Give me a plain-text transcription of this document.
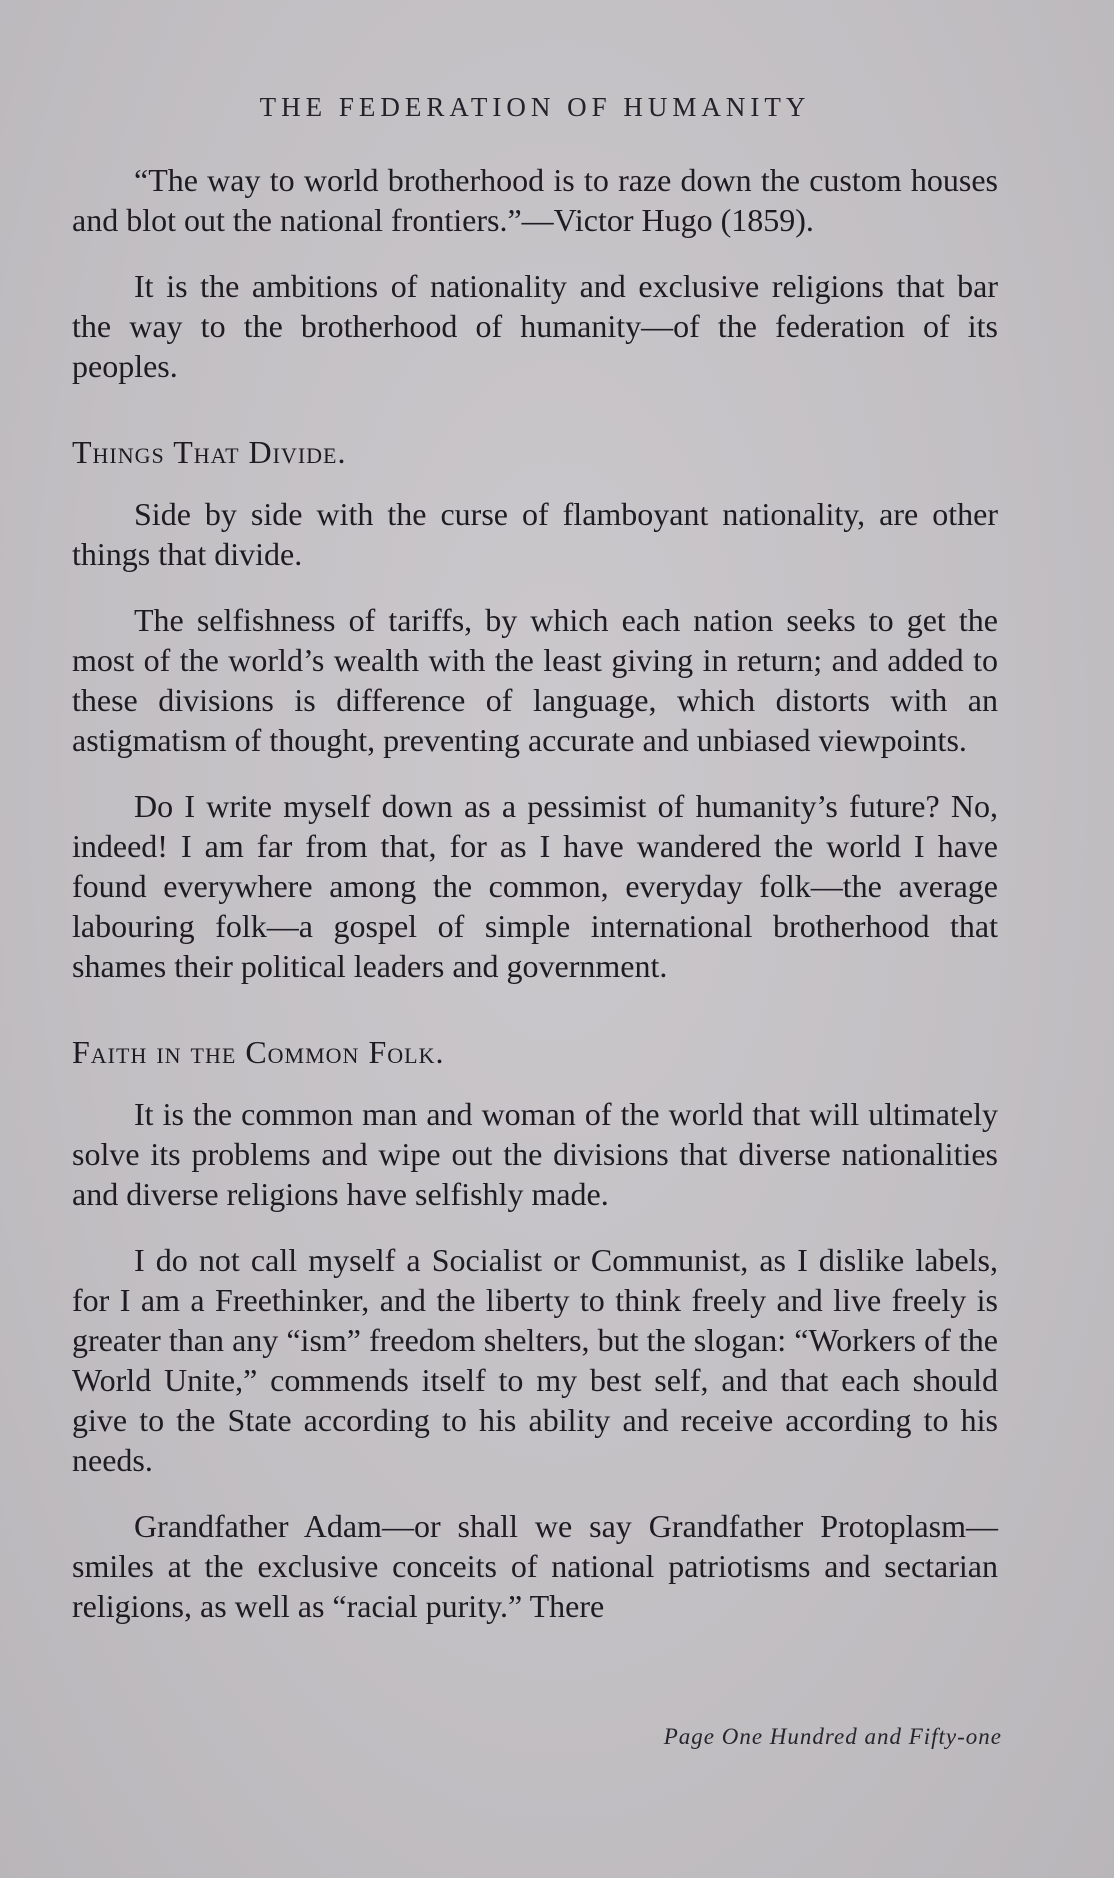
THE FEDERATION OF HUMANITY

“The way to world brotherhood is to raze down the custom houses and blot out the national frontiers.”—Victor Hugo (1859).

It is the ambitions of nationality and exclusive religions that bar the way to the brotherhood of humanity—of the federation of its peoples.

Things That Divide.

Side by side with the curse of flamboyant nationality, are other things that divide.

The selfishness of tariffs, by which each nation seeks to get the most of the world’s wealth with the least giving in return; and added to these divisions is difference of language, which distorts with an astigmatism of thought, preventing accurate and unbiased viewpoints.

Do I write myself down as a pessimist of humanity’s future? No, indeed! I am far from that, for as I have wandered the world I have found everywhere among the common, everyday folk—the average labouring folk—a gospel of simple international brotherhood that shames their political leaders and government.

Faith in the Common Folk.

It is the common man and woman of the world that will ultimately solve its problems and wipe out the divisions that diverse nationalities and diverse religions have selfishly made.

I do not call myself a Socialist or Communist, as I dislike labels, for I am a Freethinker, and the liberty to think freely and live freely is greater than any “ism” freedom shelters, but the slogan: “Workers of the World Unite,” commends itself to my best self, and that each should give to the State according to his ability and receive according to his needs.

Grandfather Adam—or shall we say Grandfather Protoplasm—smiles at the exclusive conceits of national patriotisms and sectarian religions, as well as “racial purity.” There

Page One Hundred and Fifty-one
